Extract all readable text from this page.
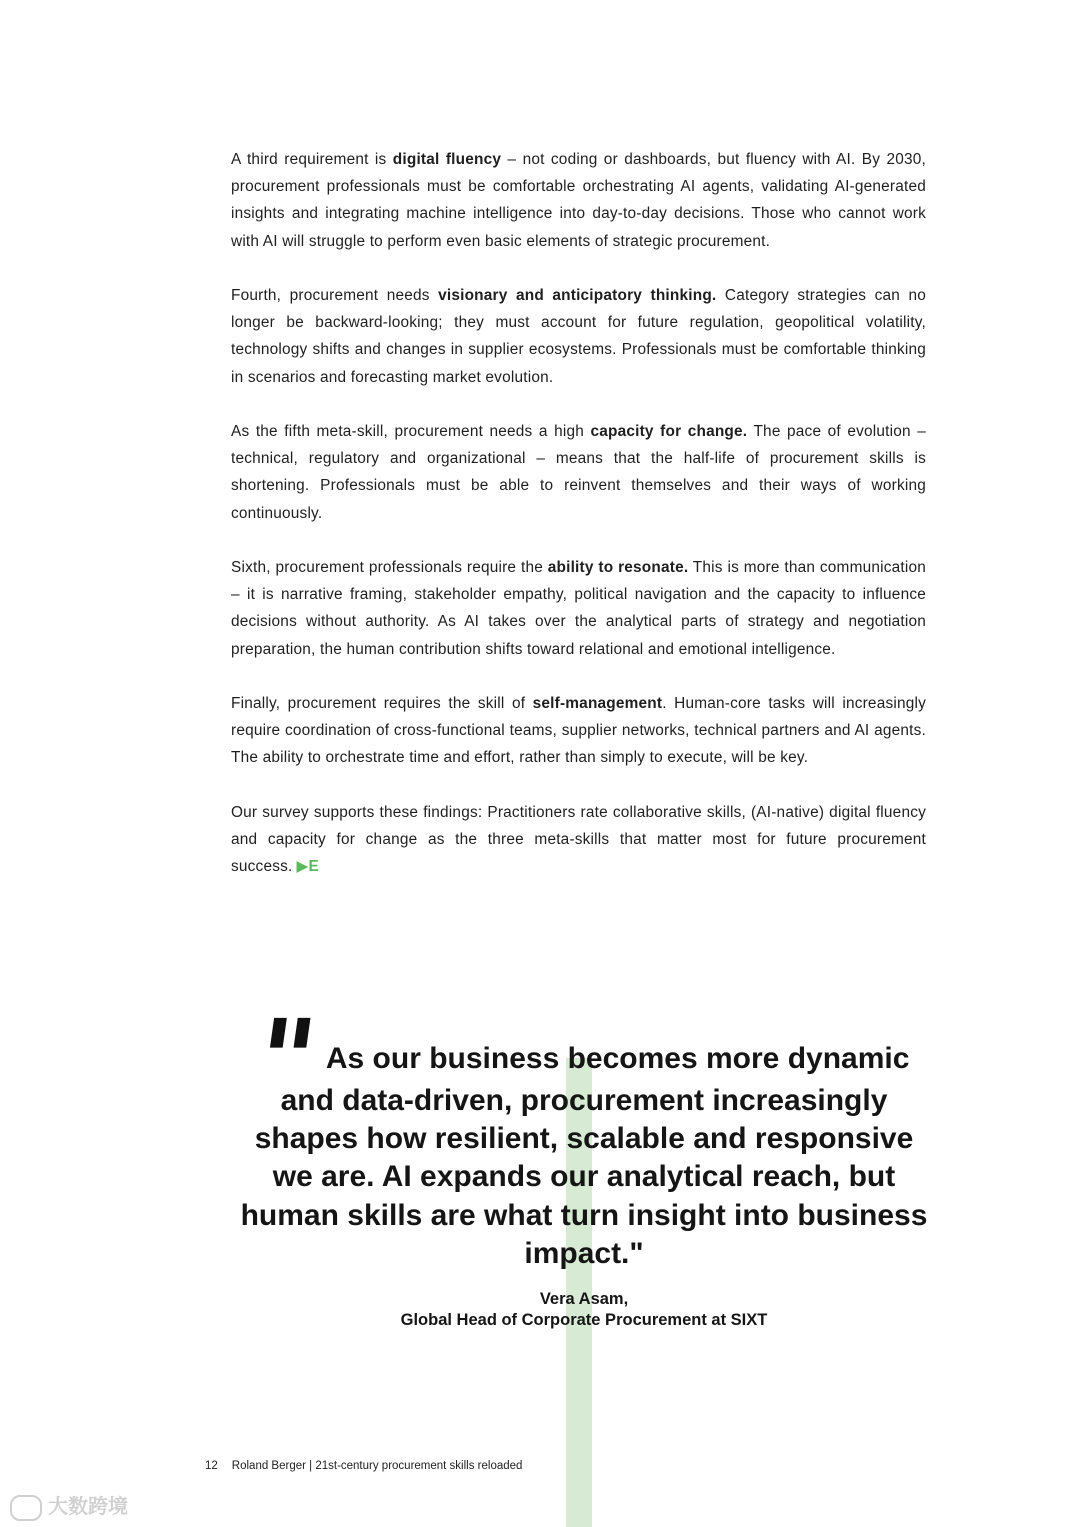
A third requirement is digital fluency – not coding or dashboards, but fluency with AI. By 2030, procurement professionals must be comfortable orchestrating AI agents, validating AI-generated insights and integrating machine intelligence into day-to-day decisions. Those who cannot work with AI will struggle to perform even basic elements of strategic procurement.

Fourth, procurement needs visionary and anticipatory thinking. Category strategies can no longer be backward-looking; they must account for future regulation, geopolitical volatility, technology shifts and changes in supplier ecosystems. Professionals must be comfortable thinking in scenarios and forecasting market evolution.

As the fifth meta-skill, procurement needs a high capacity for change. The pace of evolution – technical, regulatory and organizational – means that the half-life of procurement skills is shortening. Professionals must be able to reinvent themselves and their ways of working continuously.

Sixth, procurement professionals require the ability to resonate. This is more than communication – it is narrative framing, stakeholder empathy, political navigation and the capacity to influence decisions without authority. As AI takes over the analytical parts of strategy and negotiation preparation, the human contribution shifts toward relational and emotional intelligence.

Finally, procurement requires the skill of self-management. Human-core tasks will increasingly require coordination of cross-functional teams, supplier networks, technical partners and AI agents. The ability to orchestrate time and effort, rather than simply to execute, will be key.

Our survey supports these findings: Practitioners rate collaborative skills, (AI-native) digital fluency and capacity for change as the three meta-skills that matter most for future procurement success. ▶E

"As our business becomes more dynamic and data-driven, procurement increasingly shapes how resilient, scalable and responsive we are. AI expands our analytical reach, but human skills are what turn insight into business impact."

Vera Asam,
Global Head of Corporate Procurement at SIXT
12 Roland Berger | 21st-century procurement skills reloaded
大数跨境
